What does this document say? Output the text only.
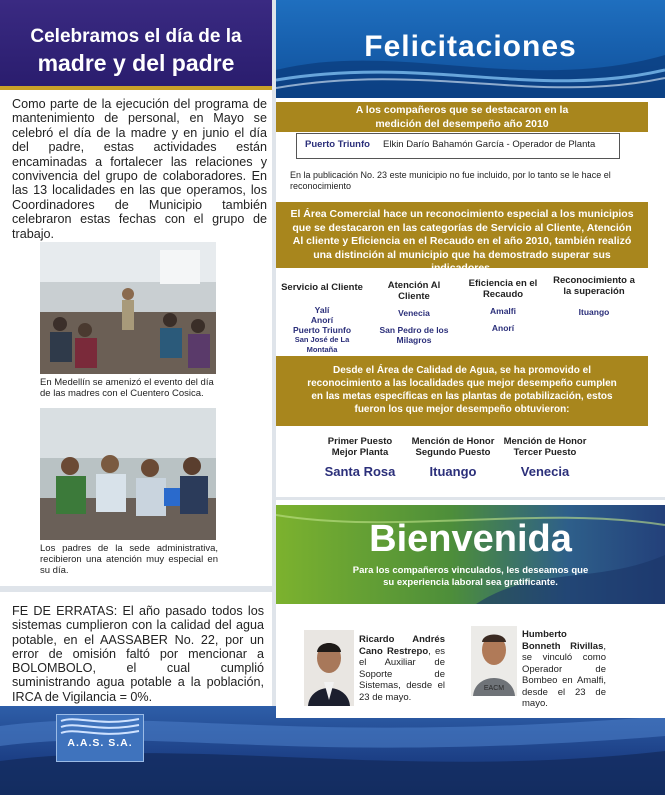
Celebramos el día de la
madre y del padre
Como parte de la ejecución del programa de mantenimiento de personal, en Mayo se celebró el día de la madre y en junio el día del padre, estas actividades están encaminadas a fortalecer las relaciones y convivencia del grupo de colaboradores. En las 13 localidades en las que operamos, los Coordinadores de Municipio también celebraron estas fechas con el grupo de trabajo.
En Medellín se amenizó el evento del día de las madres con el Cuentero Cosica.
Los padres de la sede administrativa, recibieron una atención muy especial en su día.
FE DE ERRATAS: El año pasado todos los sistemas cumplieron con la calidad del agua potable, en el AASSABER No. 22, por un error de omisión faltó por mencionar a BOLOMBOLO, el cual cumplió suministrando agua potable a la población, IRCA de Vigilancia = 0%.
A.A.S. S.A.
Felicitaciones
A los compañeros que se destacaron en la
medición del desempeño año 2010
Puerto Triunfo Elkin Darío Bahamón García - Operador de Planta
En la publicación No. 23 este municipio no fue incluido, por lo tanto se le hace el reconocimiento
El Área Comercial hace un reconocimiento especial a los municipios que se destacaron en las categorías de Servicio al Cliente, Atención Al cliente y Eficiencia en el Recaudo en el año 2010, también realizó una distinción al municipio que ha demostrado superar sus indicadores.
Servicio al Cliente
Yalí
Anorí
Puerto Triunfo
San José de La Montaña
Atención Al Cliente
Venecia
San Pedro de los Milagros
Eficiencia en el Recaudo
Amalfi
Anorí
Reconocimiento a la superación
Ituango
Desde el Área de Calidad de Agua, se ha promovido el reconocimiento a las localidades que mejor desempeño cumplen en las metas específicas en las plantas de potabilización, estos fueron los que mejor desempeño obtuvieron:
Primer Puesto
Mejor Planta
Santa Rosa
Mención de Honor
Segundo Puesto
Ituango
Mención de Honor
Tercer Puesto
Venecia
Bienvenida
Para los compañeros vinculados, les deseamos que
su experiencia laboral sea gratificante.
Ricardo Andrés Cano Restrepo, es el Auxiliar de Soporte de Sistemas, desde el 23 de mayo.
EACM
Humberto Bonneth Rivillas, se vinculó como Operador de Bombeo en Amalfi, desde el 23 de mayo.
